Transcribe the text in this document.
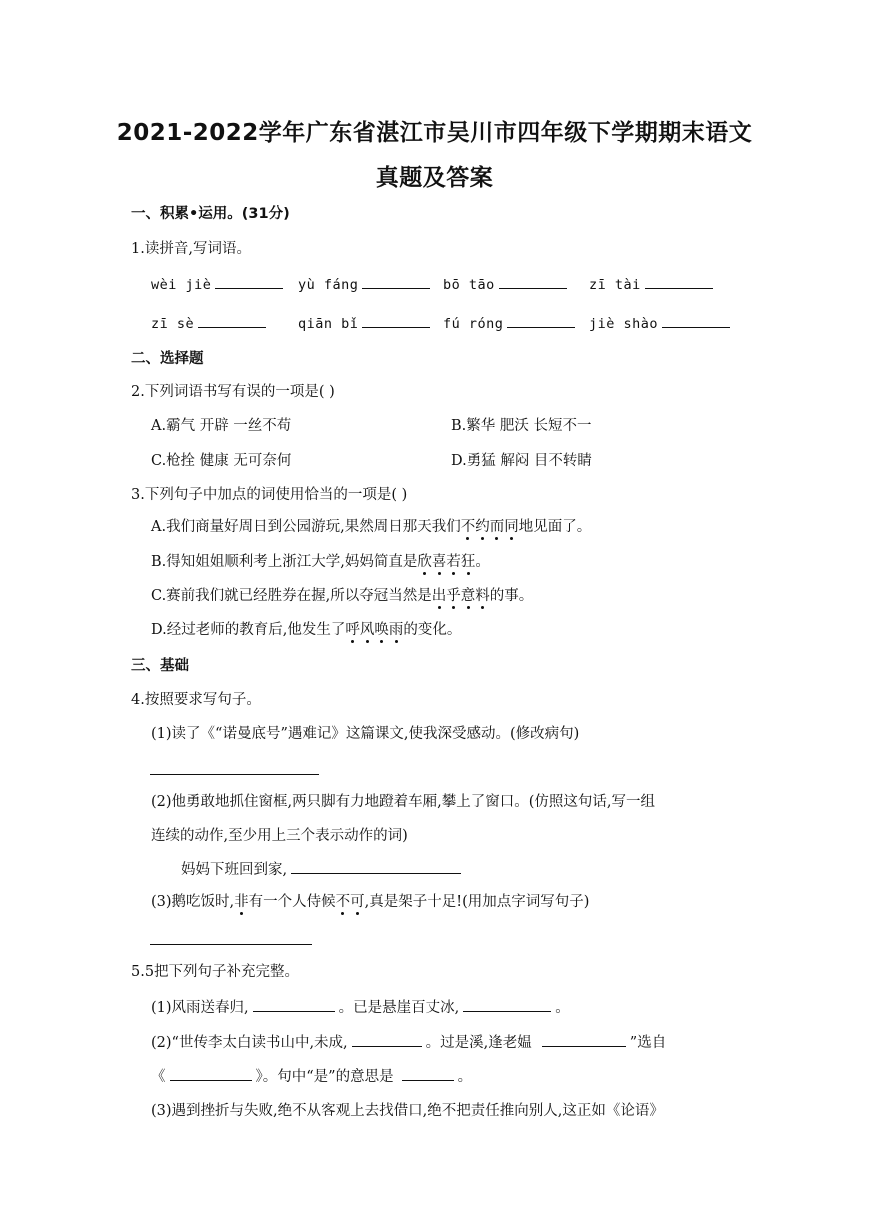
2021-2022学年广东省湛江市吴川市四年级下学期期末语文
真题及答案
一、积累•运用。(31分)
1.读拼音,写词语。
wèi jiè	yù fáng	bō tāo	zī tài
zī sè	qiān bǐ	fú róng	jiè shào
二、选择题
2.下列词语书写有误的一项是( )
A.霸气 开辟 一丝不苟	B.繁华 肥沃 长短不一
C.枪拴 健康 无可奈何	D.勇猛 解闷 目不转睛
3.下列句子中加点的词使用恰当的一项是( )
A.我们商量好周日到公园游玩,果然周日那天我们不约而同地见面了。
B.得知姐姐顺利考上浙江大学,妈妈简直是欣喜若狂。
C.赛前我们就已经胜券在握,所以夺冠当然是出乎意料的事。
D.经过老师的教育后,他发生了呼风唤雨的变化。
三、基础
4.按照要求写句子。
(1)读了《“诺曼底号”遇难记》这篇课文,使我深受感动。(修改病句)
(2)他勇敢地抓住窗框,两只脚有力地蹬着车厢,攀上了窗口。(仿照这句话,写一组
连续的动作,至少用上三个表示动作的词)
妈妈下班回到家,
(3)鹅吃饭时,非有一个人侍候不可,真是架子十足!(用加点字词写句子)
5.5把下列句子补充完整。
(1)风雨送春归,	。已是悬崖百丈冰,	。
(2)“世传李太白读书山中,未成,	。过是溪,逢老媪	”选自
《	》。句中“是”的意思是	。
(3)遇到挫折与失败,绝不从客观上去找借口,绝不把责任推向别人,这正如《论语》
